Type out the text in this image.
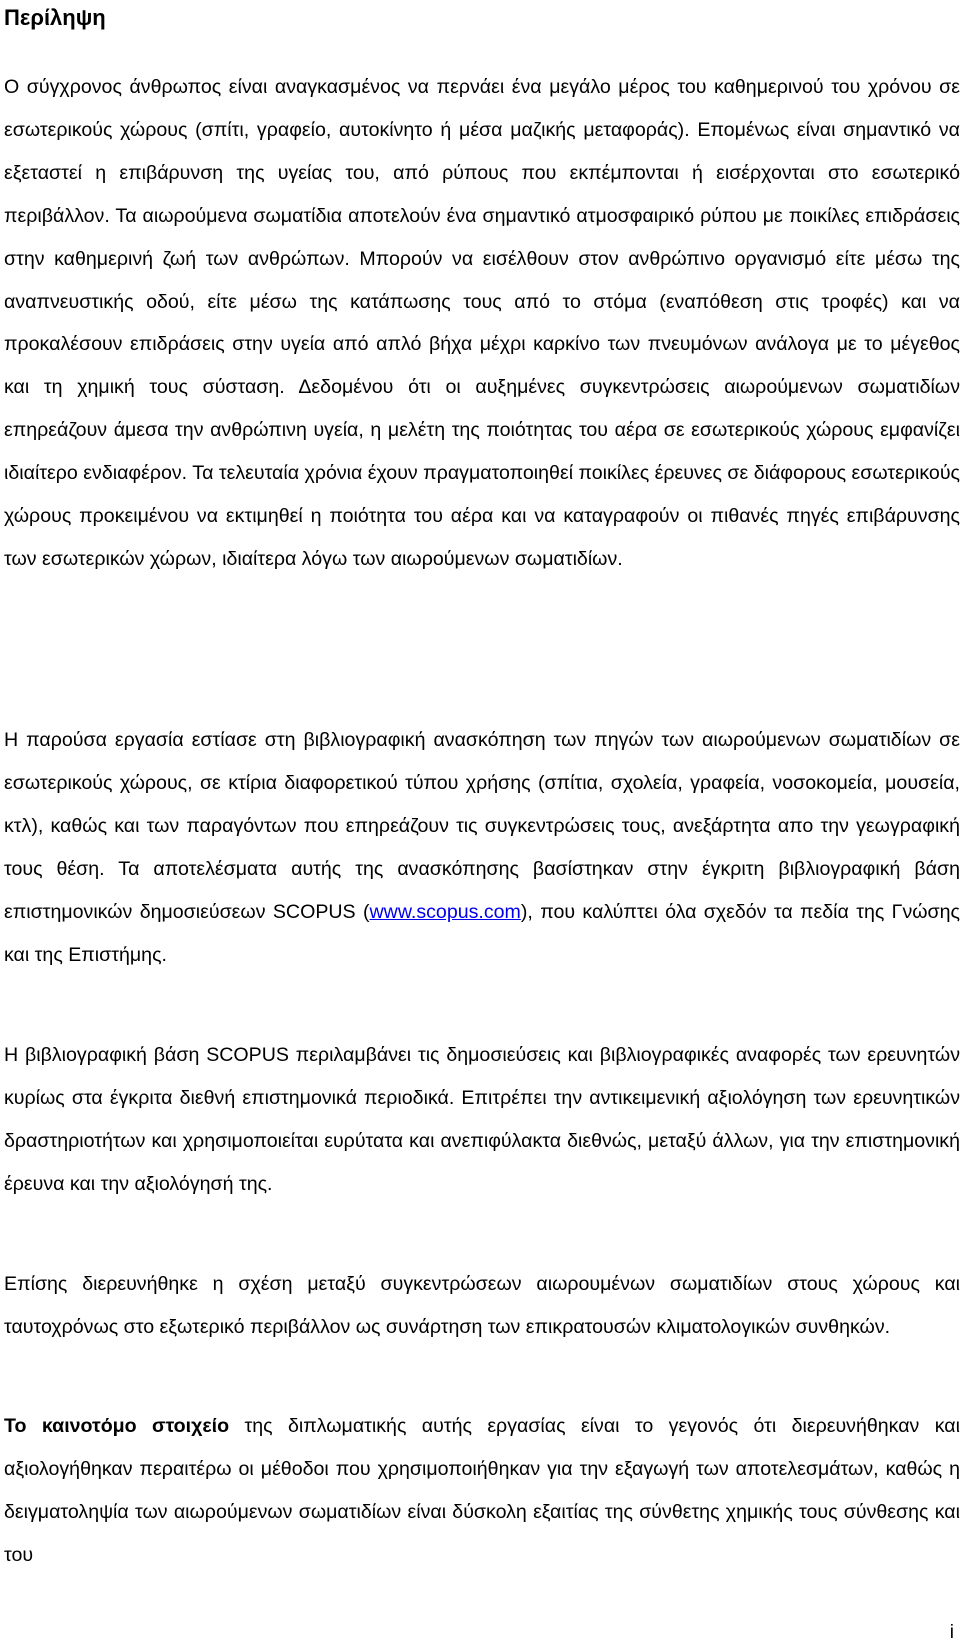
Περίληψη

Ο σύγχρονος άνθρωπος είναι αναγκασμένος να περνάει ένα μεγάλο μέρος του καθημερινού του χρόνου σε εσωτερικούς χώρους (σπίτι, γραφείο, αυτοκίνητο ή μέσα μαζικής μεταφοράς). Επομένως είναι σημαντικό να εξεταστεί η επιβάρυνση της υγείας του, από ρύπους που εκπέμπονται ή εισέρχονται στο εσωτερικό περιβάλλον. Τα αιωρούμενα σωματίδια αποτελούν ένα σημαντικό ατμοσφαιρικό ρύπου με ποικίλες επιδράσεις στην καθημερινή ζωή των ανθρώπων. Μπορούν να εισέλθουν στον ανθρώπινο οργανισμό είτε μέσω της αναπνευστικής οδού, είτε μέσω της κατάπωσης τους από το στόμα (εναπόθεση στις τροφές) και να προκαλέσουν επιδράσεις στην υγεία από απλό βήχα μέχρι καρκίνο των πνευμόνων ανάλογα με το μέγεθος και τη χημική τους σύσταση. Δεδομένου ότι οι αυξημένες συγκεντρώσεις αιωρούμενων σωματιδίων επηρεάζουν άμεσα την ανθρώπινη υγεία, η μελέτη της ποιότητας του αέρα σε εσωτερικούς χώρους εμφανίζει ιδιαίτερο ενδιαφέρον. Τα τελευταία χρόνια έχουν πραγματοποιηθεί ποικίλες έρευνες σε διάφορους εσωτερικούς χώρους προκειμένου να εκτιμηθεί η ποιότητα του αέρα και να καταγραφούν οι πιθανές πηγές επιβάρυνσης των εσωτερικών χώρων, ιδιαίτερα λόγω των αιωρούμενων σωματιδίων.

Η παρούσα εργασία εστίασε στη βιβλιογραφική ανασκόπηση των πηγών των αιωρούμενων σωματιδίων σε εσωτερικούς χώρους, σε κτίρια διαφορετικού τύπου χρήσης (σπίτια, σχολεία, γραφεία, νοσοκομεία, μουσεία, κτλ), καθώς και των παραγόντων που επηρεάζουν τις συγκεντρώσεις τους, ανεξάρτητα απο την γεωγραφική τους θέση. Τα αποτελέσματα αυτής της ανασκόπησης βασίστηκαν στην έγκριτη βιβλιογραφική βάση επιστημονικών δημοσιεύσεων SCOPUS (www.scopus.com), που καλύπτει όλα σχεδόν τα πεδία της Γνώσης και της Επιστήμης.

Η βιβλιογραφική βάση SCOPUS περιλαμβάνει τις δημοσιεύσεις και βιβλιογραφικές αναφορές των ερευνητών κυρίως στα έγκριτα διεθνή επιστημονικά περιοδικά. Επιτρέπει την αντικειμενική αξιολόγηση των ερευνητικών δραστηριοτήτων και χρησιμοποιείται ευρύτατα και ανεπιφύλακτα διεθνώς, μεταξύ άλλων, για την επιστημονική έρευνα και την αξιολόγησή της.

Επίσης διερευνήθηκε η σχέση μεταξύ συγκεντρώσεων αιωρουμένων σωματιδίων στους χώρους και ταυτοχρόνως στο εξωτερικό περιβάλλον ως συνάρτηση των επικρατουσών κλιματολογικών συνθηκών.

Το καινοτόμο στοιχείο της διπλωματικής αυτής εργασίας είναι το γεγονός ότι διερευνήθηκαν και αξιολογήθηκαν περαιτέρω οι μέθοδοι που χρησιμοποιήθηκαν για την εξαγωγή των αποτελεσμάτων, καθώς η δειγματοληψία των αιωρούμενων σωματιδίων είναι δύσκολη εξαιτίας της σύνθετης χημικής τους σύνθεσης και του

i
